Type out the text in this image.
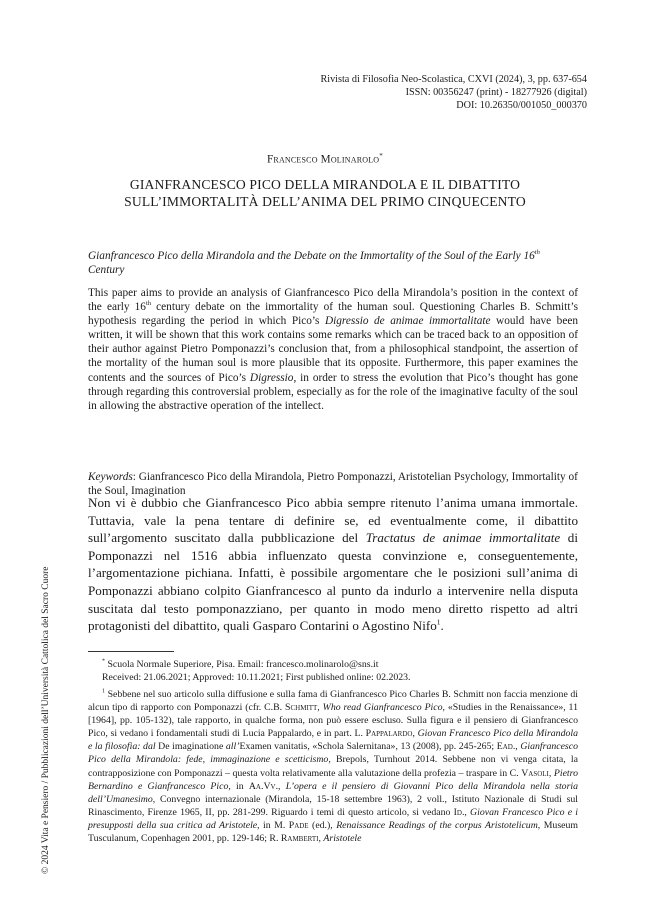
Rivista di Filosofia Neo-Scolastica, CXVI (2024), 3, pp. 637-654
ISSN: 00356247 (print) - 18277926 (digital)
DOI: 10.26350/001050_000370
Francesco Molinarolo*
GIANFRANCESCO PICO DELLA MIRANDOLA E IL DIBATTITO
SULL’IMMORTALITÀ DELL’ANIMA DEL PRIMO CINQUECENTO
Gianfrancesco Pico della Mirandola and the Debate on the Immortality of the Soul of the Early 16th Century
This paper aims to provide an analysis of Gianfrancesco Pico della Mirandola’s position in the context of the early 16th century debate on the immortality of the human soul. Questioning Charles B. Schmitt’s hypothesis regarding the period in which Pico’s Digressio de animae immortalitate would have been written, it will be shown that this work contains some remarks which can be traced back to an opposition of their author against Pietro Pomponazzi’s conclusion that, from a philosophical standpoint, the assertion of the mortality of the human soul is more plausible that its opposite. Furthermore, this paper examines the contents and the sources of Pico’s Digressio, in order to stress the evolution that Pico’s thought has gone through regarding this controversial problem, especially as for the role of the imaginative faculty of the soul in allowing the abstractive operation of the intellect.
Keywords: Gianfrancesco Pico della Mirandola, Pietro Pomponazzi, Aristotelian Psychology, Immortality of the Soul, Imagination
Non vi è dubbio che Gianfrancesco Pico abbia sempre ritenuto l’anima umana immortale. Tuttavia, vale la pena tentare di definire se, ed eventualmente come, il dibattito sull’argomento suscitato dalla pubblicazione del Tractatus de animae immortalitate di Pomponazzi nel 1516 abbia influenzato questa convinzione e, conseguentemente, l’argomentazione pichiana. Infatti, è possibile argomentare che le posizioni sull’anima di Pomponazzi abbiano colpito Gianfrancesco al punto da indurlo a intervenire nella disputa suscitata dal testo pomponazziano, per quanto in modo meno diretto rispetto ad altri protagonisti del dibattito, quali Gasparo Contarini o Agostino Nifo$^1$.
* Scuola Normale Superiore, Pisa. Email: francesco.molinarolo@sns.it
Received: 21.06.2021; Approved: 10.11.2021; First published online: 02.2023.
$^1$ Sebbene nel suo articolo sulla diffusione e sulla fama di Gianfrancesco Pico Charles B. Schmitt non faccia menzione di alcun tipo di rapporto con Pomponazzi (cfr. C.B. Schmitt, Who read Gianfrancesco Pico, «Studies in the Renaissance», 11 [1964], pp. 105-132), tale rapporto, in qualche forma, non può essere escluso. Sulla figura e il pensiero di Gianfrancesco Pico, si vedano i fondamentali studi di Lucia Pappalardo, e in part. L. Pappalardo, Giovan Francesco Pico della Mirandola e la filosofia: dal De imaginatione all’Examen vanitatis, «Schola Salernitana», 13 (2008), pp. 245-265; Ead., Gianfrancesco Pico della Mirandola: fede, immaginazione e scetticismo, Brepols, Turnhout 2014. Sebbene non vi venga citata, la contrapposizione con Pomponazzi – questa volta relativamente alla valutazione della profezia – traspare in C. Vasoli, Pietro Bernardino e Gianfrancesco Pico, in Aa.Vv., L’opera e il pensiero di Giovanni Pico della Mirandola nella storia dell’Umanesimo, Convegno internazionale (Mirandola, 15-18 settembre 1963), 2 voll., Istituto Nazionale di Studi sul Rinascimento, Firenze 1965, II, pp. 281-299. Riguardo i temi di questo articolo, si vedano Id., Giovan Francesco Pico e i presupposti della sua critica ad Aristotele, in M. Pade (ed.), Renaissance Readings of the corpus Aristotelicum, Museum Tusculanum, Copenhagen 2001, pp. 129-146; R. Ramberti, Aristotele
© 2024 Vita e Pensiero / Pubblicazioni dell’Università Cattolica del Sacro Cuore
